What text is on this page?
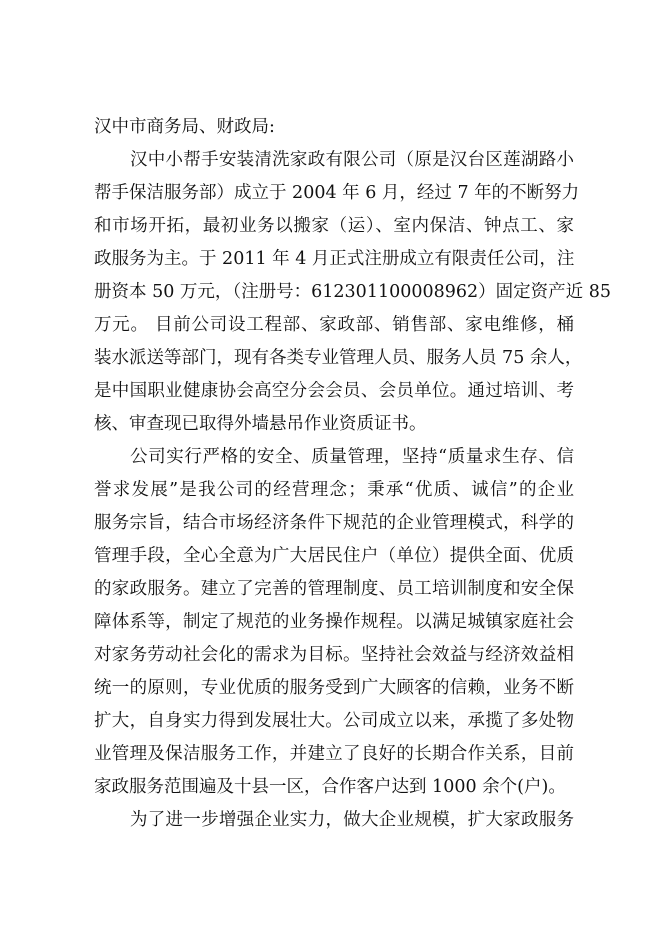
汉中市商务局、财政局:
汉中小帮手安装清洗家政有限公司（原是汉台区莲湖路小
帮手保洁服务部）成立于 2004 年 6 月，经过 7 年的不断努力
和市场开拓，最初业务以搬家（运）、室内保洁、钟点工、家
政服务为主。于 2011 年 4 月正式注册成立有限责任公司，注
册资本 50 万元，（注册号：612301100008962）固定资产近 85
万元。 目前公司设工程部、家政部、销售部、家电维修，桶
装水派送等部门，现有各类专业管理人员、服务人员 75 余人，
是中国职业健康协会高空分会会员、会员单位。通过培训、考
核、审查现已取得外墙悬吊作业资质证书。
公司实行严格的安全、质量管理，坚持“质量求生存、信
誉求发展”是我公司的经营理念；秉承“优质、诚信”的企业
服务宗旨，结合市场经济条件下规范的企业管理模式，科学的
管理手段，全心全意为广大居民住户（单位）提供全面、优质
的家政服务。建立了完善的管理制度、员工培训制度和安全保
障体系等，制定了规范的业务操作规程。以满足城镇家庭社会
对家务劳动社会化的需求为目标。坚持社会效益与经济效益相
统一的原则，专业优质的服务受到广大顾客的信赖，业务不断
扩大，自身实力得到发展壮大。公司成立以来，承揽了多处物
业管理及保洁服务工作，并建立了良好的长期合作关系，目前
家政服务范围遍及十县一区，合作客户达到 1000 余个(户)。
为了进一步增强企业实力，做大企业规模，扩大家政服务
